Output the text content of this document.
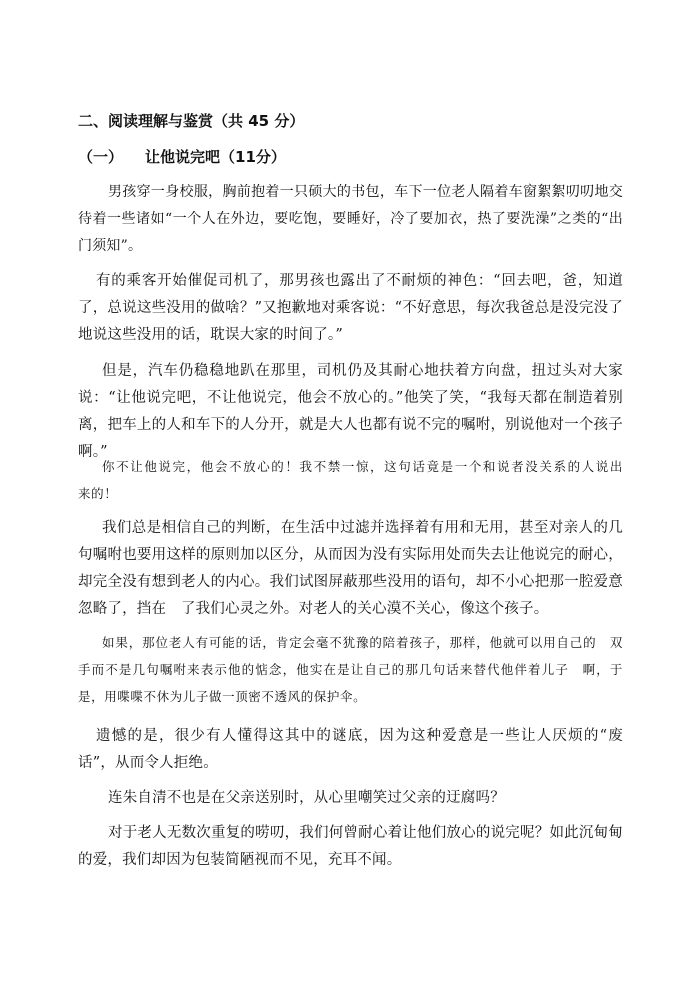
二、阅读理解与鉴赏（共 45 分）
（一） 让他说完吧（11分）
男孩穿一身校服，胸前抱着一只硕大的书包，车下一位老人隔着车窗絮絮叨叨地交待着一些诸如“一个人在外边，要吃饱，要睡好，冷了要加衣，热了要洗澡”之类的“出　门须知”。
有的乘客开始催促司机了，那男孩也露出了不耐烦的神色：“回去吧，爸，知道了，总说这些没用的做啥？”又抱歉地对乘客说：“不好意思，每次我爸总是没完没了地说这些没用的话，耽误大家的时间了。”
但是，汽车仍稳稳地趴在那里，司机仍及其耐心地扶着方向盘，扭过头对大家说：“让他说完吧，不让他说完，他会不放心的。”他笑了笑，“我每天都在制造着别离，把车上的人和车下的人分开，就是大人也都有说不完的嘱咐，别说他对一个孩子啊。”
你不让他说完，他会不放心的！我不禁一惊，这句话竟是一个和说者没关系的人说出　　来的！
我们总是相信自己的判断，在生活中过滤并选择着有用和无用，甚至对亲人的几句嘱咐也要用这样的原则加以区分，从而因为没有实际用处而失去让他说完的耐心，却完全没有想到老人的内心。我们试图屏蔽那些没用的语句，却不小心把那一腔爱意忽略了，挡在　了我们心灵之外。对老人的关心漠不关心，像这个孩子。
如果，那位老人有可能的话，肯定会毫不犹豫的陪着孩子，那样，他就可以用自己的　双手而不是几句嘱咐来表示他的惦念，他实在是让自己的那几句话来替代他伴着儿子　啊，于是，用喋喋不休为儿子做一顶密不透风的保护伞。
遗憾的是，很少有人懂得这其中的谜底，因为这种爱意是一些让人厌烦的“废话”，从而令人拒绝。
连朱自清不也是在父亲送别时，从心里嘲笑过父亲的迂腐吗？
对于老人无数次重复的唠叨，我们何曾耐心着让他们放心的说完呢？如此沉甸甸的爱，我们却因为包装简陋视而不见，充耳不闻。
